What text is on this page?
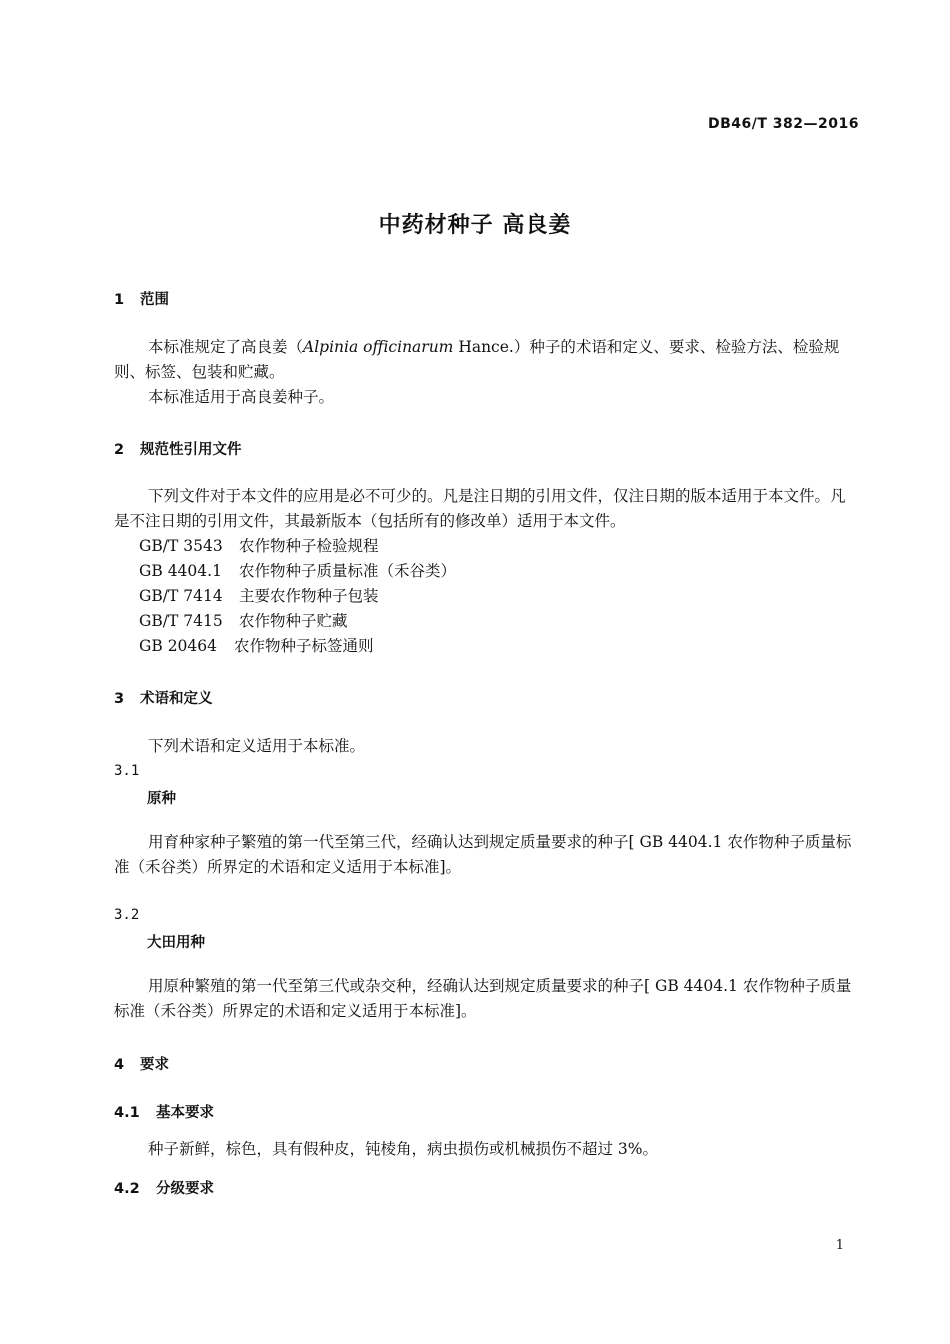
DB46/T 382—2016
中药材种子 高良姜
1 范围
本标准规定了高良姜（Alpinia officinarum Hance.）种子的术语和定义、要求、检验方法、检验规则、标签、包装和贮藏。
本标准适用于高良姜种子。
2 规范性引用文件
下列文件对于本文件的应用是必不可少的。凡是注日期的引用文件，仅注日期的版本适用于本文件。凡是不注日期的引用文件，其最新版本（包括所有的修改单）适用于本文件。
GB/T 3543 农作物种子检验规程
GB 4404.1 农作物种子质量标准（禾谷类）
GB/T 7414 主要农作物种子包装
GB/T 7415 农作物种子贮藏
GB 20464 农作物种子标签通则
3 术语和定义
下列术语和定义适用于本标准。
3.1
原种
用育种家种子繁殖的第一代至第三代，经确认达到规定质量要求的种子[ GB 4404.1 农作物种子质量标准（禾谷类）所界定的术语和定义适用于本标准]。
3.2
大田用种
用原种繁殖的第一代至第三代或杂交种，经确认达到规定质量要求的种子[ GB 4404.1 农作物种子质量标准（禾谷类）所界定的术语和定义适用于本标准]。
4 要求
4.1 基本要求
种子新鲜，棕色，具有假种皮，钝棱角，病虫损伤或机械损伤不超过 3%。
4.2 分级要求
1
